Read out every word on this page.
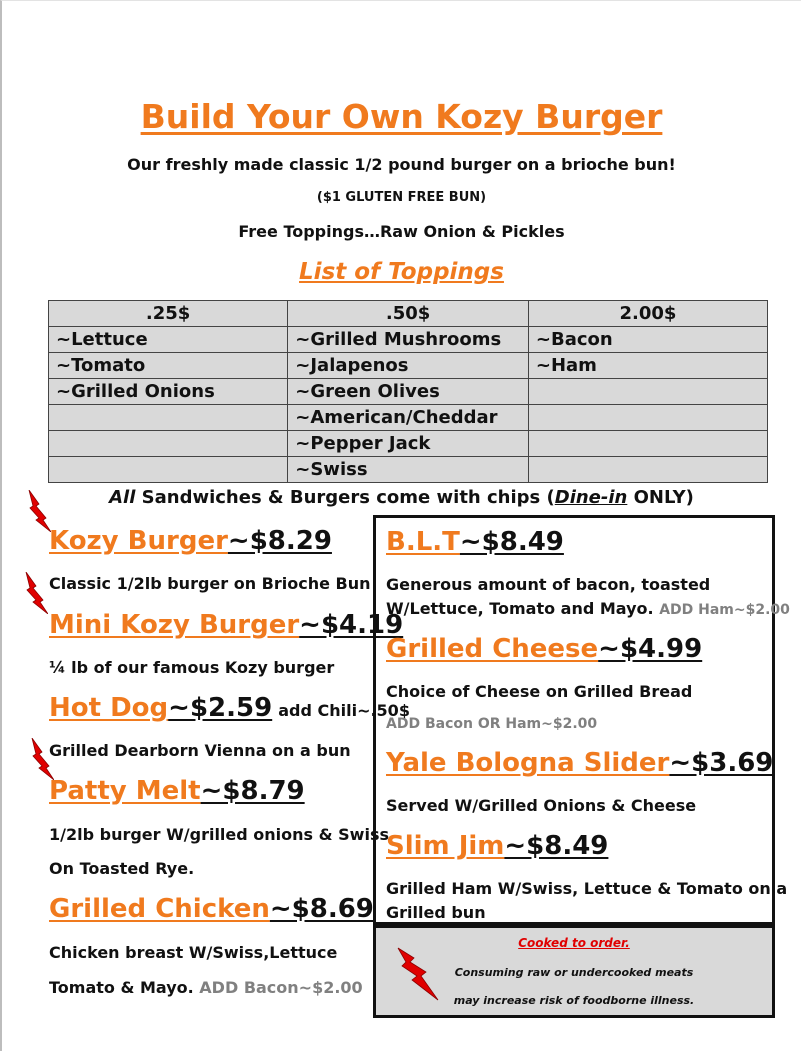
Build Your Own Kozy Burger
Our freshly made classic 1/2 pound burger on a brioche bun!
($1 GLUTEN FREE BUN)
Free Toppings…Raw Onion & Pickles
List of Toppings
.25$	.50$	2.00$
~Lettuce	~Grilled Mushrooms	~Bacon
~Tomato	~Jalapenos	~Ham
~Grilled Onions	~Green Olives	
	~American/Cheddar	
	~Pepper Jack	
	~Swiss	
All Sandwiches & Burgers come with chips (Dine-in ONLY)
Kozy Burger~$8.29
Classic 1/2lb burger on Brioche Bun
Mini Kozy Burger~$4.19
¼ lb of our famous Kozy burger
Hot Dog~$2.59 add Chili~.50$
Grilled Dearborn Vienna on a bun
Patty Melt~$8.79
1/2lb burger W/grilled onions & Swiss
On Toasted Rye.
Grilled Chicken~$8.69
Chicken breast W/Swiss,Lettuce
Tomato & Mayo. ADD Bacon~$2.00
B.L.T~$8.49
Generous amount of bacon, toasted
W/Lettuce, Tomato and Mayo. ADD Ham~$2.00
Grilled Cheese~$4.99
Choice of Cheese on Grilled Bread
ADD Bacon OR Ham~$2.00
Yale Bologna Slider~$3.69
Served W/Grilled Onions & Cheese
Slim Jim~$8.49
Grilled Ham W/Swiss, Lettuce & Tomato on a
Grilled bun
Cooked to order.
Consuming raw or undercooked meats
may increase risk of foodborne illness.
